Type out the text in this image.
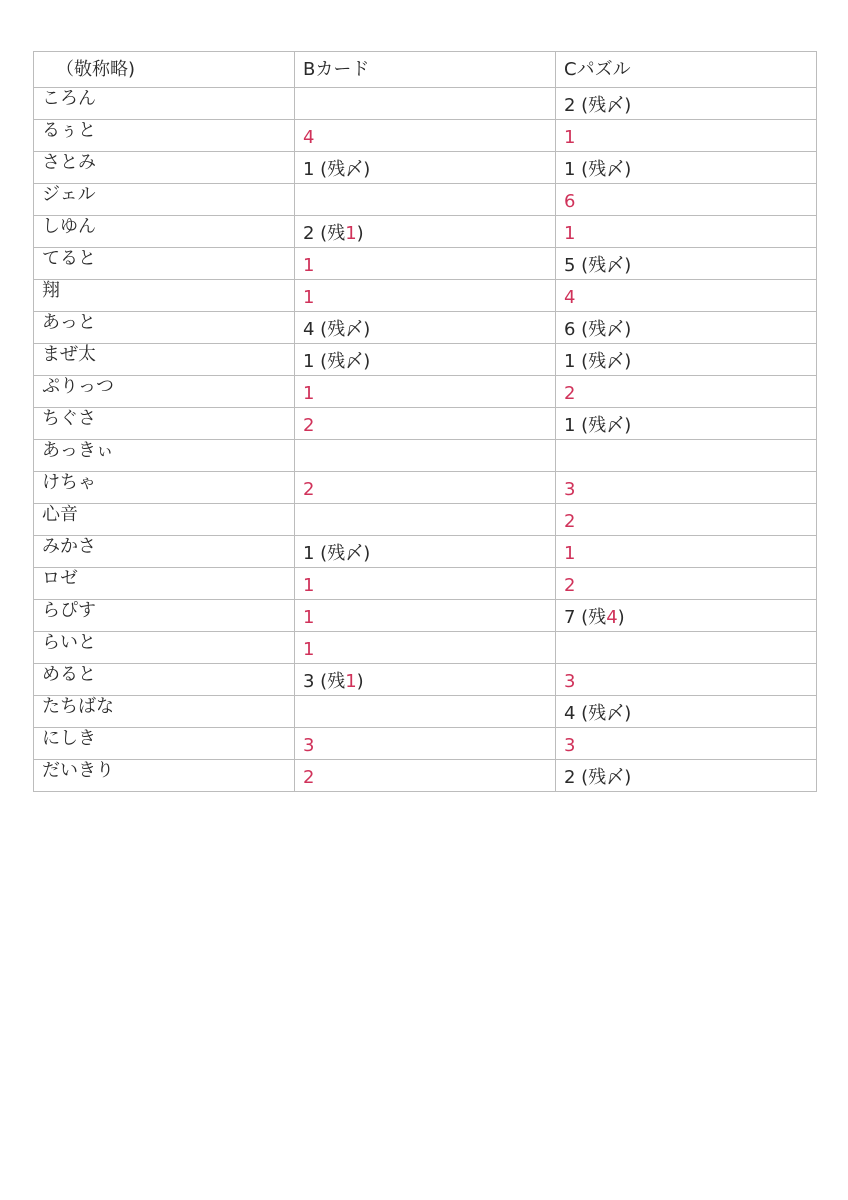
（敬称略)	Bカード	Cパズル
ころん		2 (残〆)
るぅと	4	1
さとみ	1 (残〆)	1 (残〆)
ジェル		6
しゆん	2 (残1)	1
てると	1	5 (残〆)
翔	1	4
あっと	4 (残〆)	6 (残〆)
まぜ太	1 (残〆)	1 (残〆)
ぷりっつ	1	2
ちぐさ	2	1 (残〆)
あっきぃ		
けちゃ	2	3
心音		2
みかさ	1 (残〆)	1
ロゼ	1	2
らぴす	1	7 (残4)
らいと	1	
めると	3 (残1)	3
たちばな		4 (残〆)
にしき	3	3
だいきり	2	2 (残〆)
